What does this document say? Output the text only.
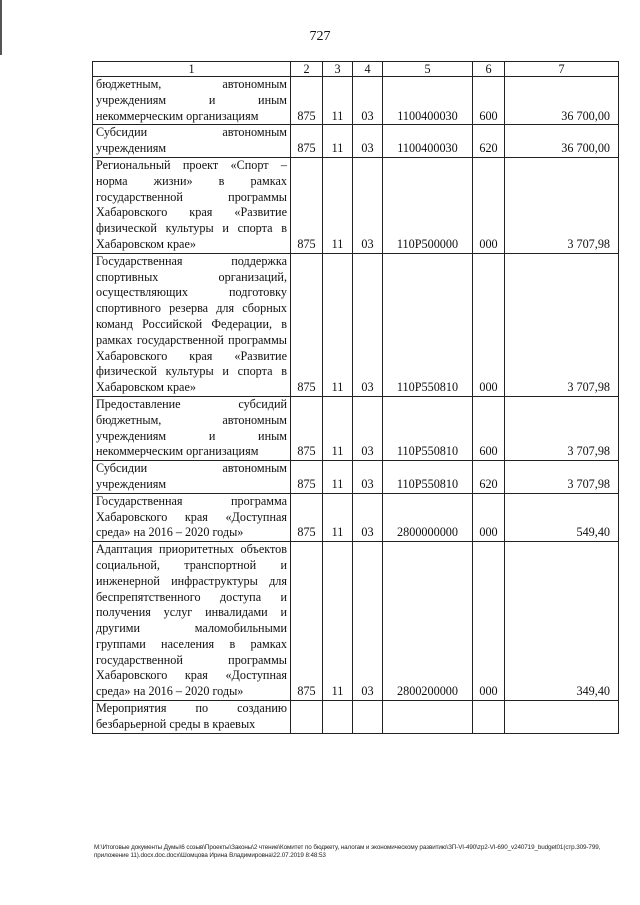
727
1	2	3	4	5	6	7
бюджетным, автономным учреждениям и иным некоммерческим организациям	875	11	03	1100400030	600	36 700,00
Субсидии автономным учреждениям	875	11	03	1100400030	620	36 700,00
Региональный проект «Спорт – норма жизни» в рамках государственной программы Хабаровского края «Развитие физической культуры и спорта в Хабаровском крае»	875	11	03	110P500000	000	3 707,98
Государственная поддержка спортивных организаций, осуществляющих подготовку спортивного резерва для сборных команд Российской Федерации, в рамках государственной программы Хабаровского края «Развитие физической культуры и спорта в Хабаровском крае»	875	11	03	110P550810	000	3 707,98
Предоставление субсидий бюджетным, автономным учреждениям и иным некоммерческим организациям	875	11	03	110P550810	600	3 707,98
Субсидии автономным учреждениям	875	11	03	110P550810	620	3 707,98
Государственная программа Хабаровского края «Доступная среда» на 2016 – 2020 годы»	875	11	03	2800000000	000	549,40
Адаптация приоритетных объектов социальной, транспортной и инженерной инфраструктуры для беспрепятственного доступа и получения услуг инвалидами и другими маломобильными группами населения в рамках государственной программы Хабаровского края «Доступная среда» на 2016 – 2020 годы»	875	11	03	2800200000	000	349,40
Мероприятия по созданию безбарьерной среды в краевых						
M:\Итоговые документы Думы\6 созыв\Проекты\Законы\2 чтение\Комитет по бюджету, налогам и экономическому развитию\ЗП-VI-490\zp2-VI-690_v240719_budget01(стр.309-799, приложение 11).docx.doc.docx\Шомцова Ирина Владимировна\22.07.2019 8:48:53
